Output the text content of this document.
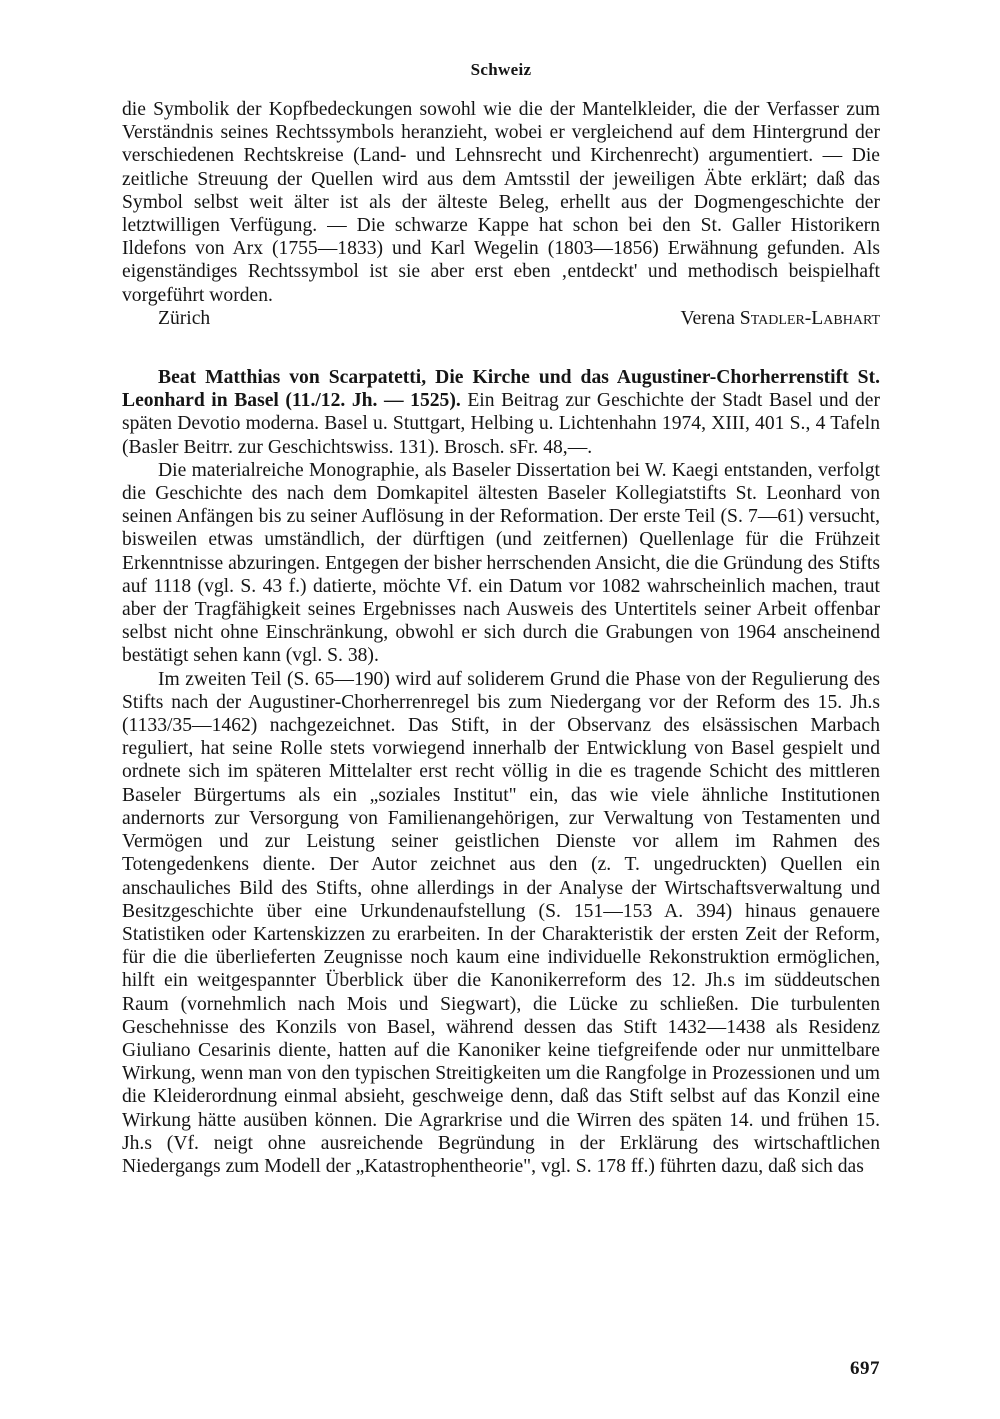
Schweiz

die Symbolik der Kopfbedeckungen sowohl wie die der Mantelkleider, die der Verfasser zum Verständnis seines Rechtssymbols heranzieht, wobei er vergleichend auf dem Hintergrund der verschiedenen Rechtskreise (Land- und Lehnsrecht und Kirchenrecht) argumentiert. — Die zeitliche Streuung der Quellen wird aus dem Amtsstil der jeweiligen Äbte erklärt; daß das Symbol selbst weit älter ist als der älteste Beleg, erhellt aus der Dogmengeschichte der letztwilligen Verfügung. — Die schwarze Kappe hat schon bei den St. Galler Historikern Ildefons von Arx (1755—1833) und Karl Wegelin (1803—1856) Erwähnung gefunden. Als eigenständiges Rechtssymbol ist sie aber erst eben ‚entdeckt' und methodisch beispielhaft vorgeführt worden.

Zürich	Verena Stadler-Labhart

Beat Matthias von Scarpatetti, Die Kirche und das Augustiner-Chorherrenstift St. Leonhard in Basel (11./12. Jh. — 1525). Ein Beitrag zur Geschichte der Stadt Basel und der späten Devotio moderna. Basel u. Stuttgart, Helbing u. Lichtenhahn 1974, XIII, 401 S., 4 Tafeln (Basler Beitrr. zur Geschichtswiss. 131). Brosch. sFr. 48,—.

Die materialreiche Monographie, als Baseler Dissertation bei W. Kaegi entstanden, verfolgt die Geschichte des nach dem Domkapitel ältesten Baseler Kollegiatstifts St. Leonhard von seinen Anfängen bis zu seiner Auflösung in der Reformation. Der erste Teil (S. 7—61) versucht, bisweilen etwas umständlich, der dürftigen (und zeitfernen) Quellenlage für die Frühzeit Erkenntnisse abzuringen. Entgegen der bisher herrschenden Ansicht, die die Gründung des Stifts auf 1118 (vgl. S. 43 f.) datierte, möchte Vf. ein Datum vor 1082 wahrscheinlich machen, traut aber der Tragfähigkeit seines Ergebnisses nach Ausweis des Untertitels seiner Arbeit offenbar selbst nicht ohne Einschränkung, obwohl er sich durch die Grabungen von 1964 anscheinend bestätigt sehen kann (vgl. S. 38).

Im zweiten Teil (S. 65—190) wird auf soliderem Grund die Phase von der Regulierung des Stifts nach der Augustiner-Chorherrenregel bis zum Niedergang vor der Reform des 15. Jh.s (1133/35—1462) nachgezeichnet. Das Stift, in der Observanz des elsässischen Marbach reguliert, hat seine Rolle stets vorwiegend innerhalb der Entwicklung von Basel gespielt und ordnete sich im späteren Mittelalter erst recht völlig in die es tragende Schicht des mittleren Baseler Bürgertums als ein „soziales Institut" ein, das wie viele ähnliche Institutionen andernorts zur Versorgung von Familienangehörigen, zur Verwaltung von Testamenten und Vermögen und zur Leistung seiner geistlichen Dienste vor allem im Rahmen des Totengedenkens diente. Der Autor zeichnet aus den (z. T. ungedruckten) Quellen ein anschauliches Bild des Stifts, ohne allerdings in der Analyse der Wirtschaftsverwaltung und Besitzgeschichte über eine Urkundenaufstellung (S. 151—153 A. 394) hinaus genauere Statistiken oder Kartenskizzen zu erarbeiten. In der Charakteristik der ersten Zeit der Reform, für die die überlieferten Zeugnisse noch kaum eine individuelle Rekonstruktion ermöglichen, hilft ein weitgespannter Überblick über die Kanonikerreform des 12. Jh.s im süddeutschen Raum (vornehmlich nach Mois und Siegwart), die Lücke zu schließen. Die turbulenten Geschehnisse des Konzils von Basel, während dessen das Stift 1432—1438 als Residenz Giuliano Cesarinis diente, hatten auf die Kanoniker keine tiefgreifende oder nur unmittelbare Wirkung, wenn man von den typischen Streitigkeiten um die Rangfolge in Prozessionen und um die Kleiderordnung einmal absieht, geschweige denn, daß das Stift selbst auf das Konzil eine Wirkung hätte ausüben können. Die Agrarkrise und die Wirren des späten 14. und frühen 15. Jh.s (Vf. neigt ohne ausreichende Begründung in der Erklärung des wirtschaftlichen Niedergangs zum Modell der „Katastrophentheorie", vgl. S. 178 ff.) führten dazu, daß sich das

697
